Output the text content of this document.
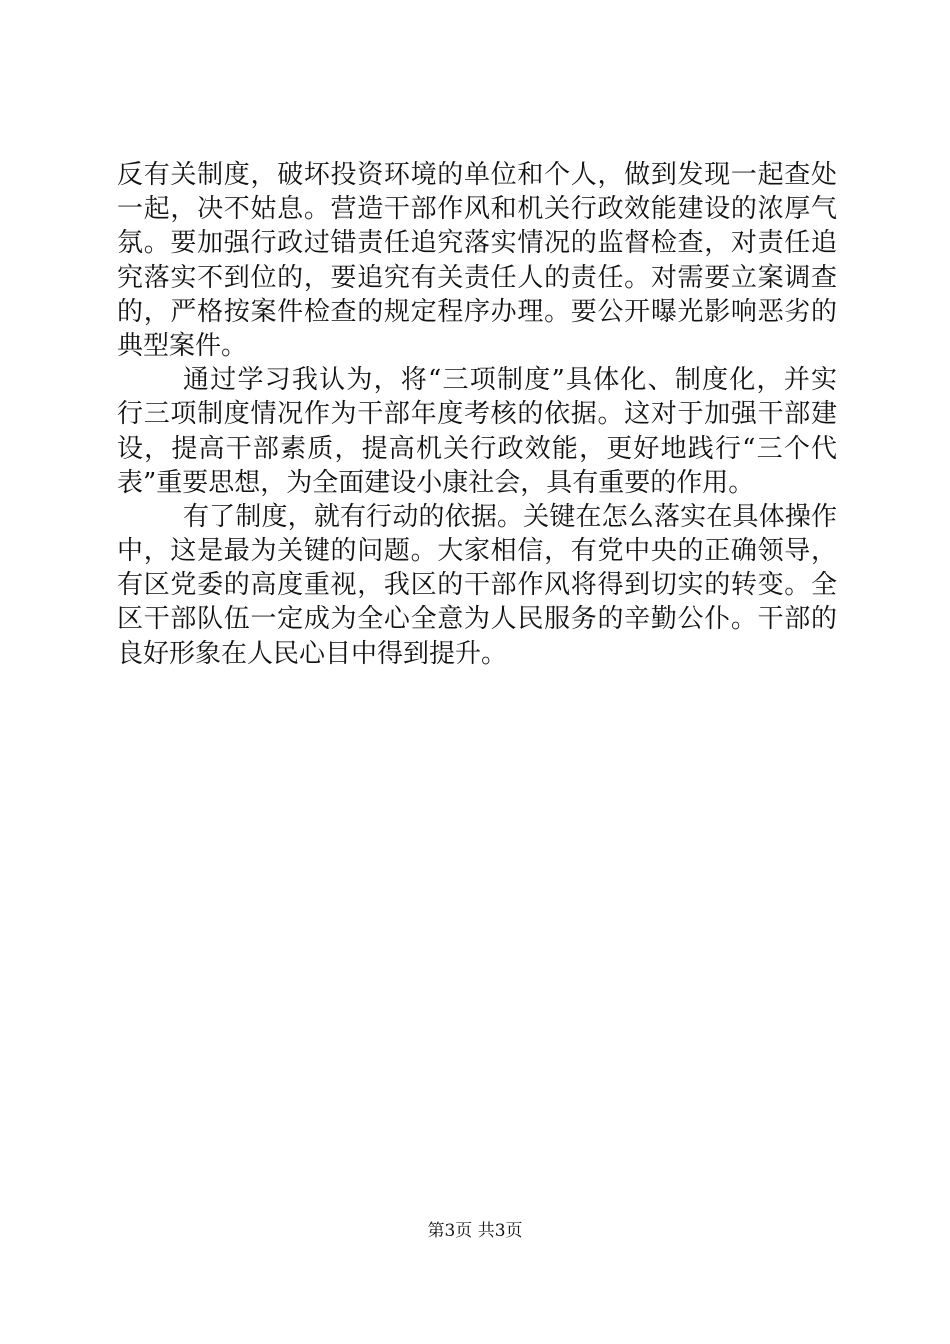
反有关制度，破坏投资环境的单位和个人，做到发现一起查处
一起，决不姑息。营造干部作风和机关行政效能建设的浓厚气
氛。要加强行政过错责任追究落实情况的监督检查，对责任追
究落实不到位的，要追究有关责任人的责任。对需要立案调查
的，严格按案件检查的规定程序办理。要公开曝光影响恶劣的
典型案件。
通过学习我认为，将“三项制度”具体化、制度化，并实
行三项制度情况作为干部年度考核的依据。这对于加强干部建
设，提高干部素质，提高机关行政效能，更好地践行“三个代
表”重要思想，为全面建设小康社会，具有重要的作用。
有了制度，就有行动的依据。关键在怎么落实在具体操作
中，这是最为关键的问题。大家相信，有党中央的正确领导，
有区党委的高度重视，我区的干部作风将得到切实的转变。全
区干部队伍一定成为全心全意为人民服务的辛勤公仆。干部的
良好形象在人民心目中得到提升。
第3页 共3页
